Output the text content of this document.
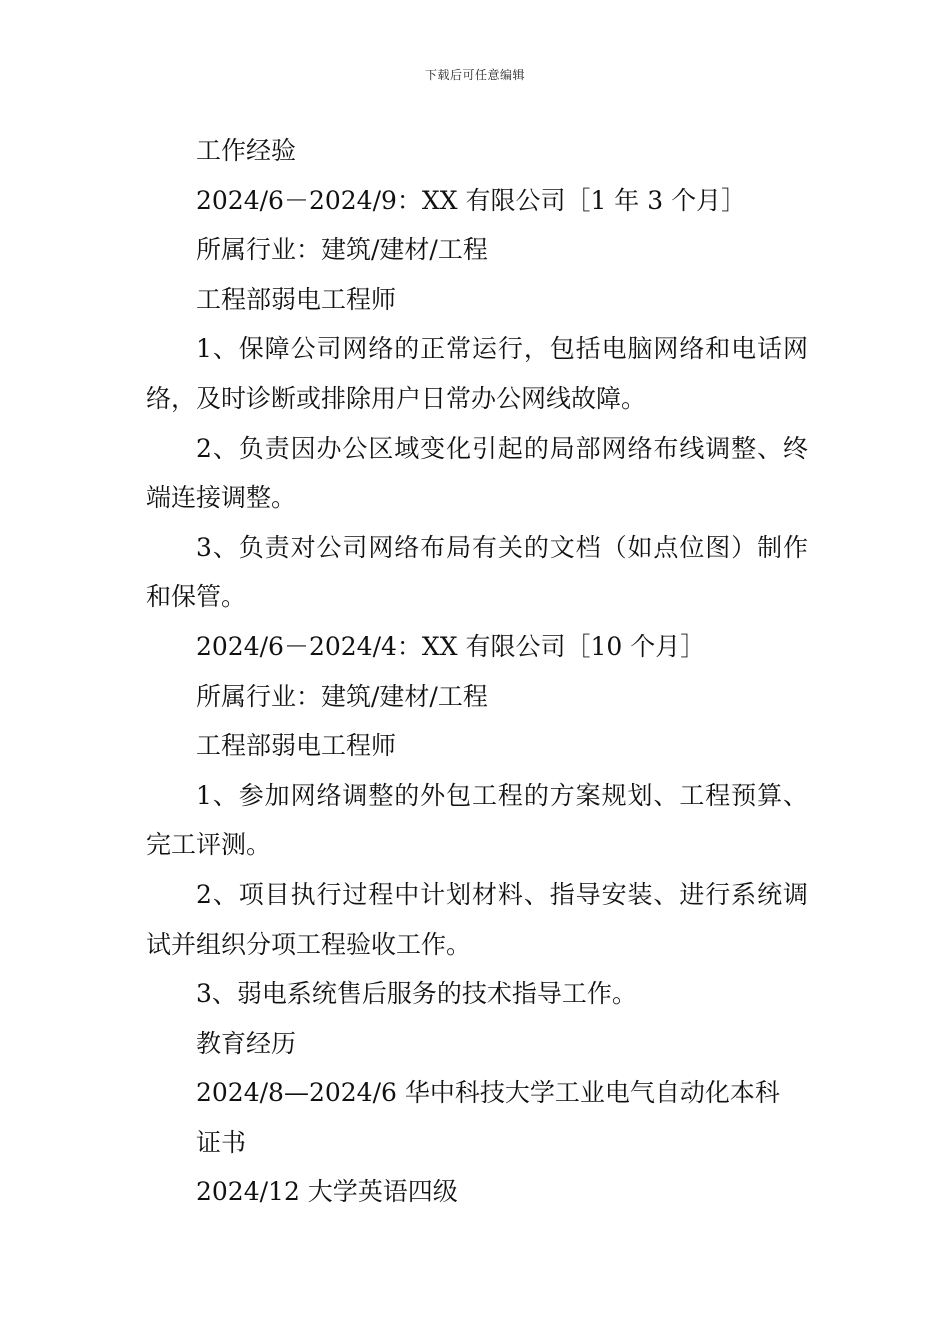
下载后可任意编辑
工作经验
2024/6－2024/9：XX 有限公司［1 年 3 个月］
所属行业：建筑/建材/工程
工程部弱电工程师
1、保障公司网络的正常运行，包括电脑网络和电话网络，及时诊断或排除用户日常办公网线故障。
2、负责因办公区域变化引起的局部网络布线调整、终端连接调整。
3、负责对公司网络布局有关的文档（如点位图）制作和保管。
2024/6－2024/4：XX 有限公司［10 个月］
所属行业：建筑/建材/工程
工程部弱电工程师
1、参加网络调整的外包工程的方案规划、工程预算、完工评测。
2、项目执行过程中计划材料、指导安装、进行系统调试并组织分项工程验收工作。
3、弱电系统售后服务的技术指导工作。
教育经历
2024/8—2024/6 华中科技大学工业电气自动化本科
证书
2024/12 大学英语四级
